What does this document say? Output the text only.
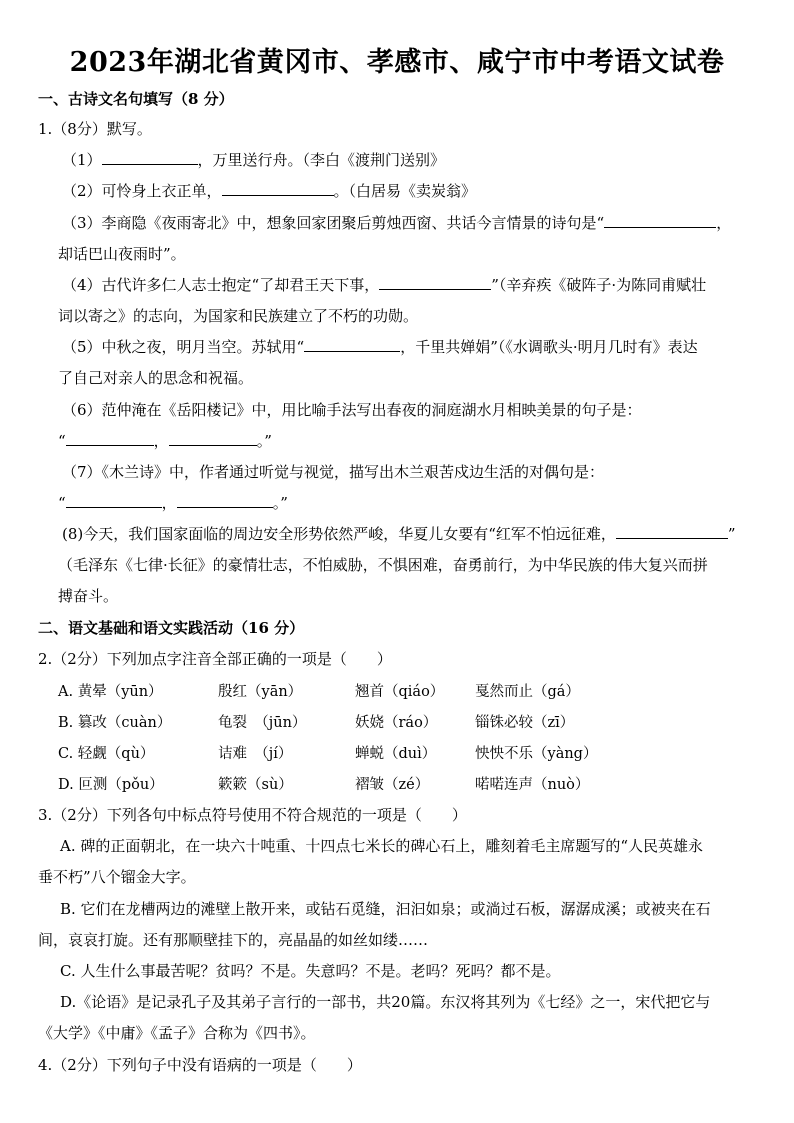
2023年湖北省黄冈市、孝感市、咸宁市中考语文试卷
一、古诗文名句填写（8 分）
1.（8分）默写。
（1）	，万里送行舟。（李白《渡荆门送别》
（2）可怜身上衣正单，	。（白居易《卖炭翁》
（3）李商隐《夜雨寄北》中，想象回家团聚后剪烛西窗、共话今言情景的诗句是“	，
却话巴山夜雨时”。
（4）古代许多仁人志士抱定“了却君王天下事，	”（辛弃疾《破阵子·为陈同甫赋壮
词以寄之》的志向，为国家和民族建立了不朽的功勋。
（5）中秋之夜，明月当空。苏轼用“	，千里共婵娟”（《水调歌头·明月几时有》表达
了自己对亲人的思念和祝福。
（6）范仲淹在《岳阳楼记》中，用比喻手法写出春夜的洞庭湖水月相映美景的句子是：
“	，	。”
（7）《木兰诗》中，作者通过听觉与视觉，描写出木兰艰苦戍边生活的对偶句是：
“	，	。”
(8)今天，我们国家面临的周边安全形势依然严峻，华夏儿女要有“红军不怕远征难，	”
（毛泽东《七律·长征》的豪情壮志，不怕威胁，不惧困难，奋勇前行，为中华民族的伟大复兴而拼
搏奋斗。
二、语文基础和语文实践活动（16 分）
2.（2分）下列加点字注音全部正确的一项是（　　）
A. 黄晕（yūn）	殷红（yān）	翘首（qiáo） 戛然而止（gá）
B. 篡改（cuàn）	龟裂　（jūn）	妖娆（ráo）	锱铢必较（zī）
C. 轻觑（qù）	诘难　（jí）	蝉蜕（duì）	怏怏不乐（yàng）
D. 叵测（pǒu）	簌簌（sù）	褶皱（zé）	喏喏连声（nuò）
3.（2分）下列各句中标点符号使用不符合规范的一项是（　　）
A. 碑的正面朝北，在一块六十吨重、十四点七米长的碑心石上，雕刻着毛主席题写的“人民英雄永
垂不朽”八个镏金大字。
B. 它们在龙槽两边的滩壁上散开来，或钻石觅缝，汩汩如泉；或淌过石板，潺潺成溪；或被夹在石
间，哀哀打旋。还有那顺壁挂下的，亮晶晶的如丝如缕……
C. 人生什么事最苦呢？贫吗？不是。失意吗？不是。老吗？死吗？都不是。
D.《论语》是记录孔子及其弟子言行的一部书，共20篇。东汉将其列为《七经》之一，宋代把它与
《大学》《中庸》《孟子》合称为《四书》。
4.（2分）下列句子中没有语病的一项是（　　）
